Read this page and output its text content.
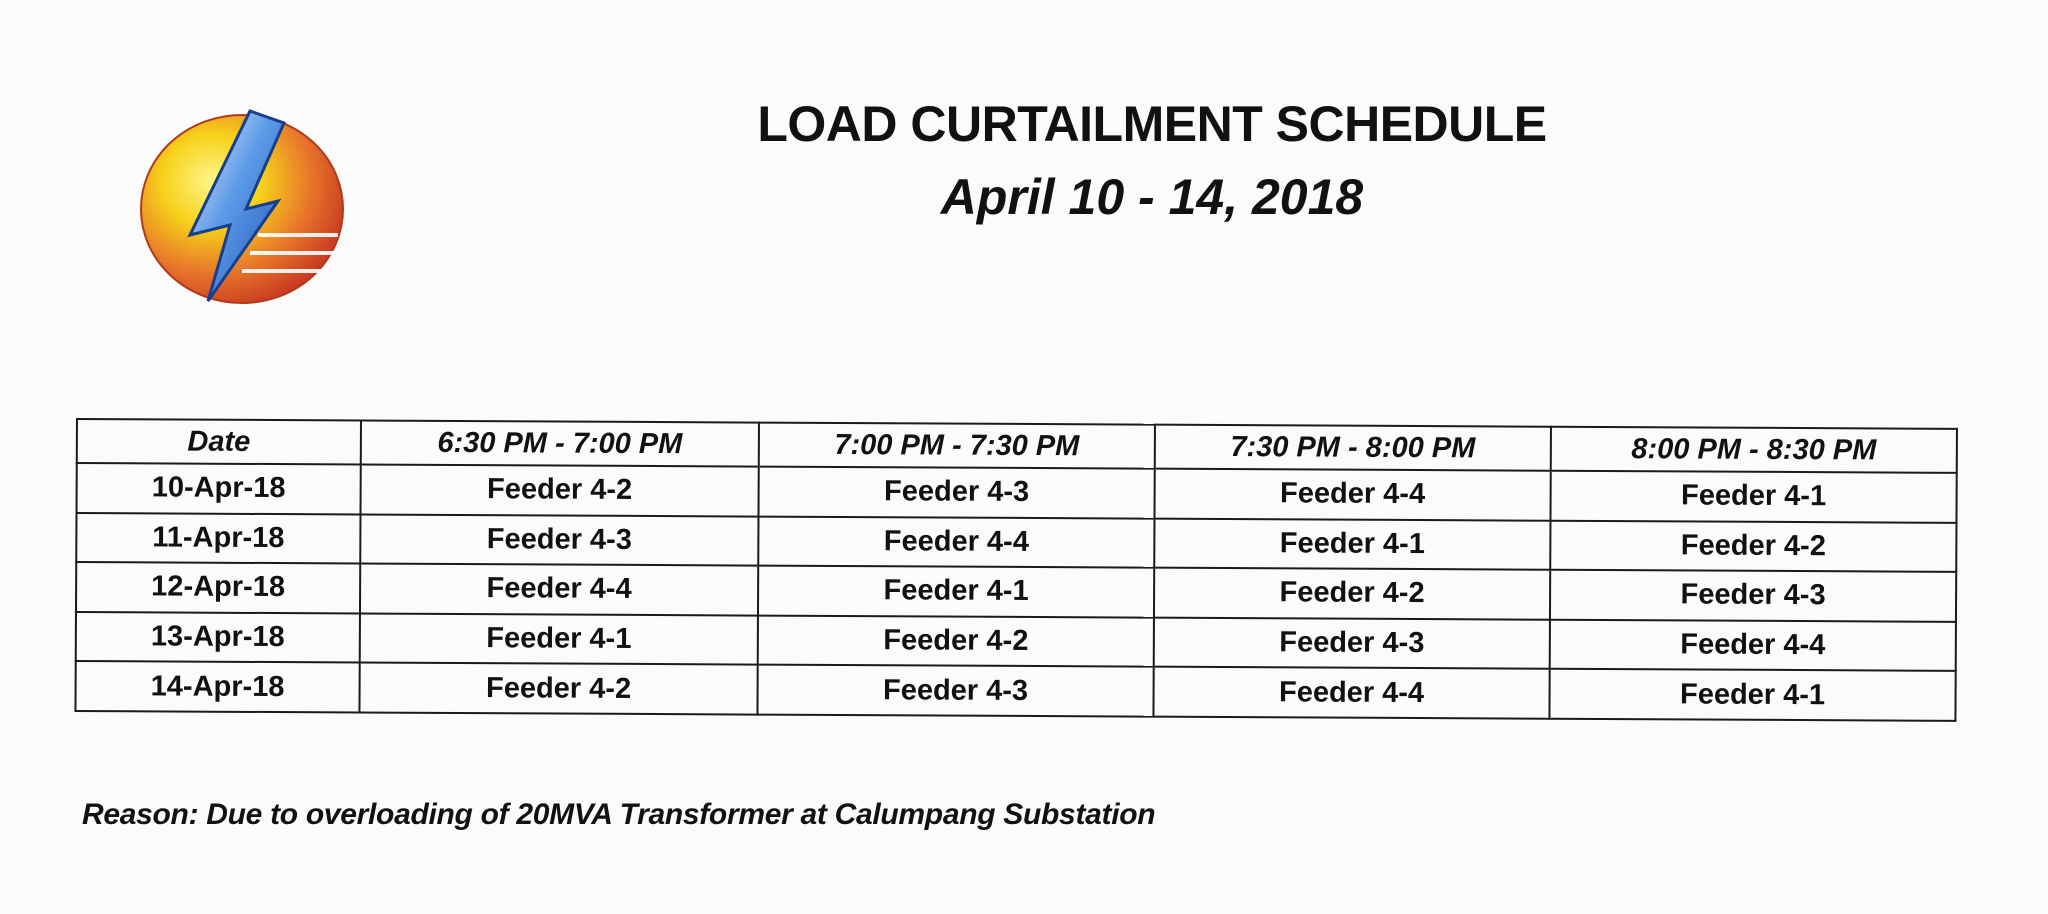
LOAD CURTAILMENT SCHEDULE
April 10 - 14, 2018
Date	6:30 PM - 7:00 PM	7:00 PM - 7:30 PM	7:30 PM - 8:00 PM	8:00 PM - 8:30 PM
10-Apr-18	Feeder 4-2	Feeder 4-3	Feeder 4-4	Feeder 4-1
11-Apr-18	Feeder 4-3	Feeder 4-4	Feeder 4-1	Feeder 4-2
12-Apr-18	Feeder 4-4	Feeder 4-1	Feeder 4-2	Feeder 4-3
13-Apr-18	Feeder 4-1	Feeder 4-2	Feeder 4-3	Feeder 4-4
14-Apr-18	Feeder 4-2	Feeder 4-3	Feeder 4-4	Feeder 4-1
Reason: Due to overloading of 20MVA Transformer at Calumpang Substation
